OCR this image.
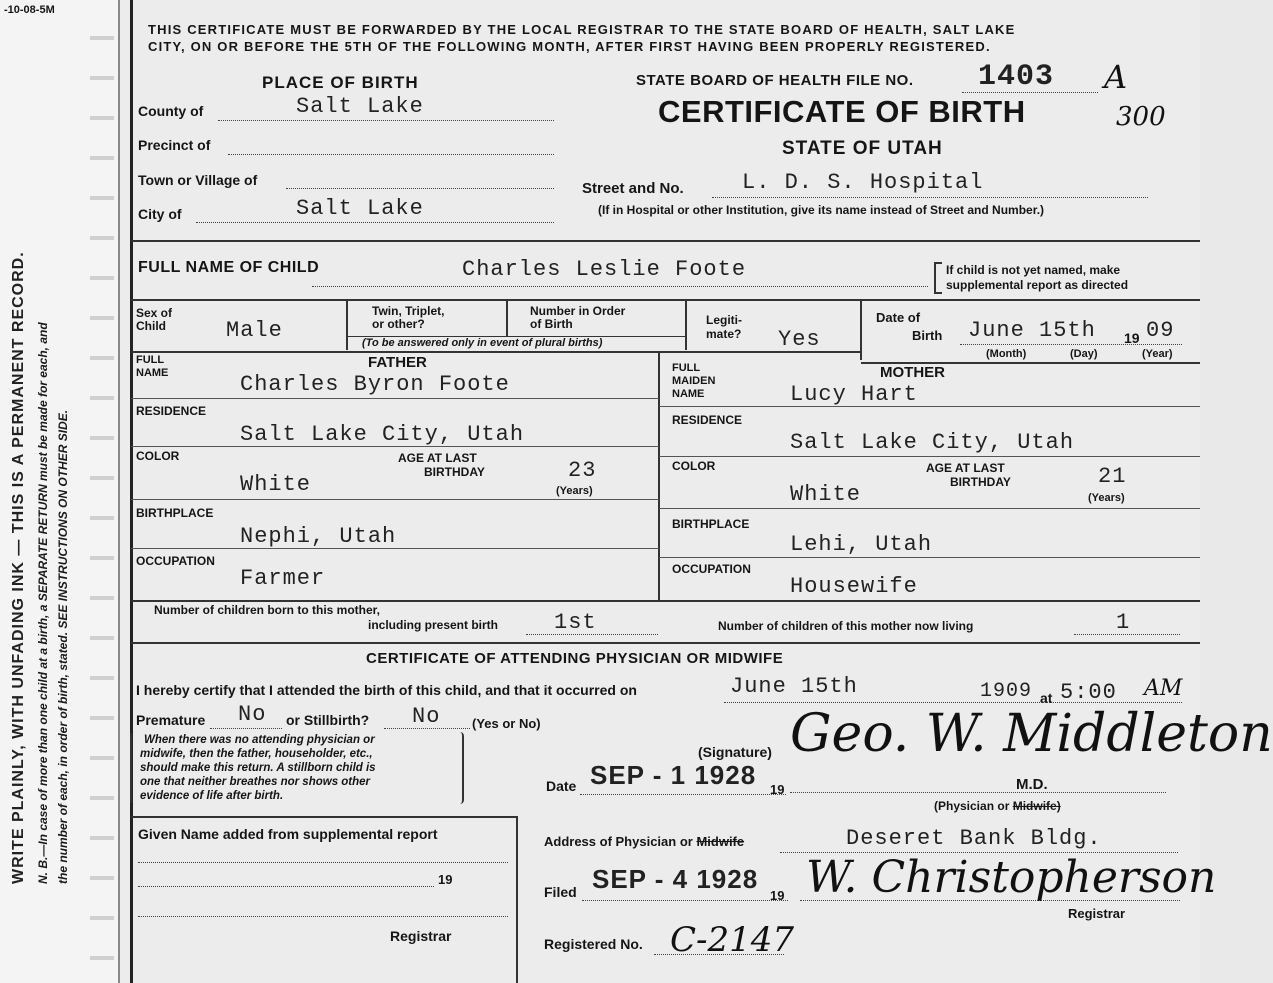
-10-08-5M
WRITE PLAINLY, WITH UNFADING INK — THIS IS A PERMANENT RECORD. N. B.—In case of more than one child at a birth, a SEPARATE RETURN must be made for each, and the number of each, in order of birth, stated. SEE INSTRUCTIONS ON OTHER SIDE.
THIS CERTIFICATE MUST BE FORWARDED BY THE LOCAL REGISTRAR TO THE STATE BOARD OF HEALTH, SALT LAKE
CITY, ON OR BEFORE THE 5TH OF THE FOLLOWING MONTH, AFTER FIRST HAVING BEEN PROPERLY REGISTERED.
PLACE OF BIRTH
County of	Salt Lake
Precinct of
Town or Village of
City of	Salt Lake
STATE BOARD OF HEALTH FILE NO. 1403 A
CERTIFICATE OF BIRTH	300
STATE OF UTAH
Street and No.	L. D. S. Hospital
(If in Hospital or other Institution, give its name instead of Street and Number.)
FULL NAME OF CHILD	Charles Leslie Foote	If child is not yet named, make
supplemental report as directed
Sex of
Child	Male
Twin, Triplet,
or other?
Number in Order
of Birth
(To be answered only in event of plural births)
Legiti-
mate? Yes
Date of
Birth June 15th 19 09
(Month)	(Day)	(Year)
FATHER
FULL
NAME	Charles Byron Foote
RESIDENCE
Salt Lake City, Utah
COLOR
White
AGE AT LAST
BIRTHDAY	23
(Years)
BIRTHPLACE
Nephi, Utah
OCCUPATION
Farmer
MOTHER
FULL
MAIDEN
NAME	Lucy Hart
RESIDENCE
Salt Lake City, Utah
COLOR
White
AGE AT LAST
BIRTHDAY	21
(Years)
BIRTHPLACE
Lehi, Utah
OCCUPATION
Housewife
Number of children born to this mother,
including present birth	1st	Number of children of this mother now living	1
CERTIFICATE OF ATTENDING PHYSICIAN OR MIDWIFE
I hereby certify that I attended the birth of this child, and that it occurred on	June 15th	1909 at 5:00 AM
Premature No or Stillbirth? No (Yes or No)
When there was no attending physician or
midwife, then the father, householder, etc.,
should make this return. A stillborn child is
one that neither breathes nor shows other
evidence of life after birth.
(Signature) Geo. W. Middleton
M.D.
Date SEP - 1 1928 19
(Physician or Midwife)
Address of Physician or Midwife	Deseret Bank Bldg.
Given Name added from supplemental report
19
Registrar
Filed SEP - 4 1928
19 W. Christopherson
Registrar
Registered No. C-2147
